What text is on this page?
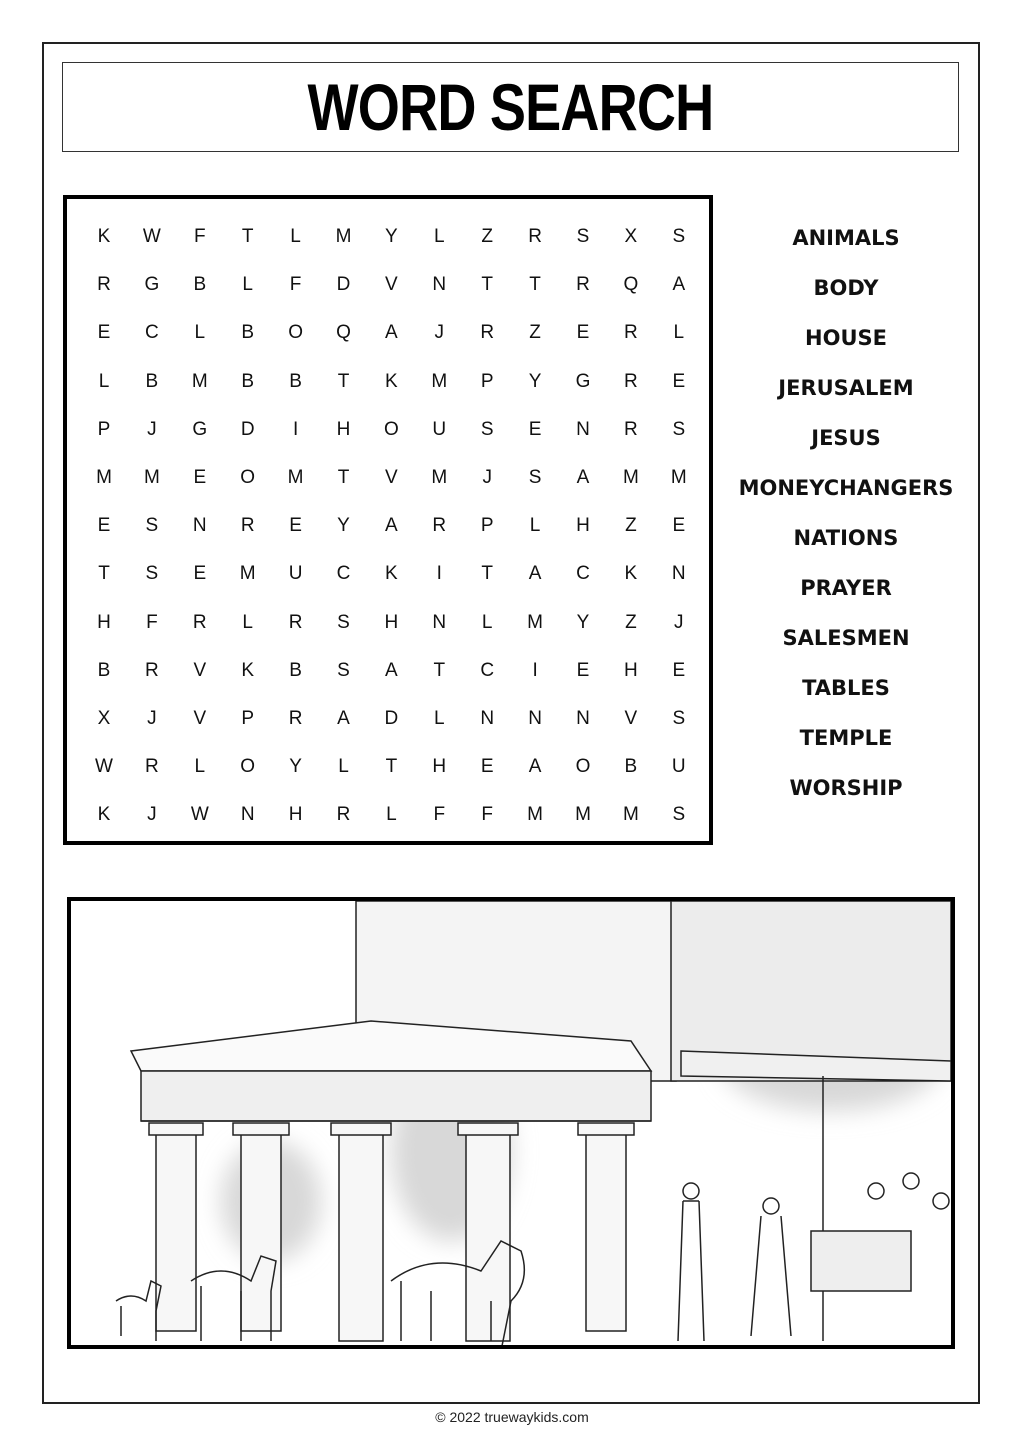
WORD SEARCH
K	W	F	T	L	M	Y	L	Z	R	S	X	S
R	G	B	L	F	D	V	N	T	T	R	Q	A
E	C	L	B	O	Q	A	J	R	Z	E	R	L
L	B	M	B	B	T	K	M	P	Y	G	R	E
P	J	G	D	I	H	O	U	S	E	N	R	S
M	M	E	O	M	T	V	M	J	S	A	M	M
E	S	N	R	E	Y	A	R	P	L	H	Z	E
T	S	E	M	U	C	K	I	T	A	C	K	N
H	F	R	L	R	S	H	N	L	M	Y	Z	J
B	R	V	K	B	S	A	T	C	I	E	H	E
X	J	V	P	R	A	D	L	N	N	N	V	S
W	R	L	O	Y	L	T	H	E	A	O	B	U
K	J	W	N	H	R	L	F	F	M	M	M	S
ANIMALS
BODY
HOUSE
JERUSALEM
JESUS
MONEYCHANGERS
NATIONS
PRAYER
SALESMEN
TABLES
TEMPLE
WORSHIP
© 2022 truewaykids.com
